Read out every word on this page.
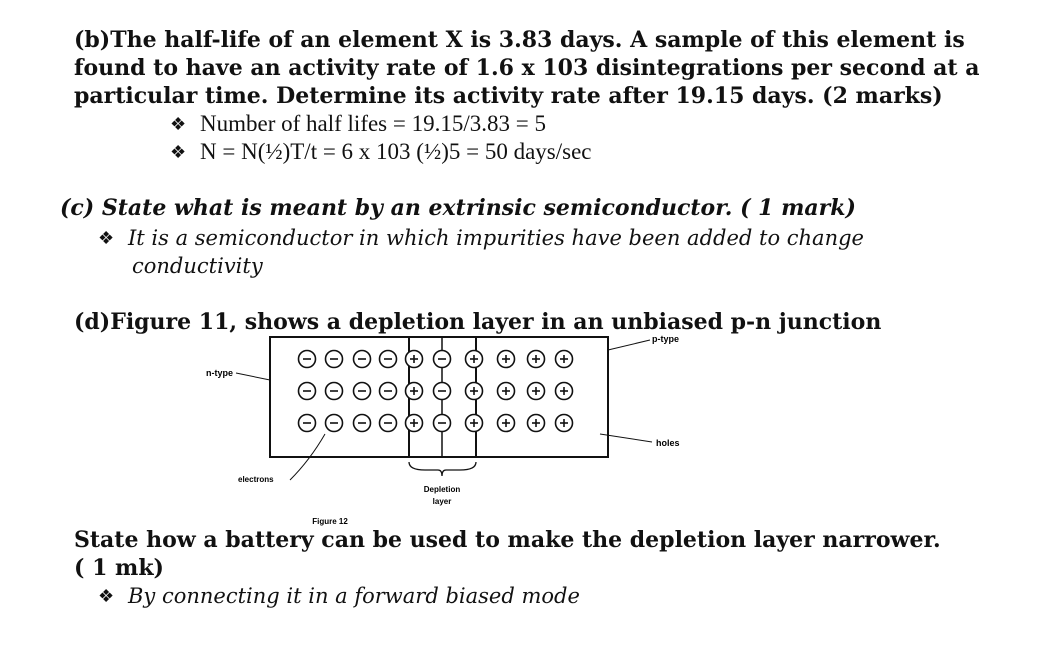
(b)The half-life of an element X is 3.83 days. A sample of this element is

found to have an activity rate of 1.6 x 103 disintegrations per second at a

particular time. Determine its activity rate after 19.15 days. (2 marks)

❖ Number of half lifes = 19.15/3.83 = 5
❖ N = N(½)T/t = 6 x 103 (½)5 = 50 days/sec

(c) State what is meant by an extrinsic semiconductor. ( 1 mark)

❖ It is a semiconductor in which impurities have been added to change

conductivity

(d)Figure 11, shows a depletion layer in an unbiased p-n junction

n-type
p-type
holes
electrons
Depletion
layer
Figure 12

State how a battery can be used to make the depletion layer narrower.

( 1 mk)

❖ By connecting it in a forward biased mode
